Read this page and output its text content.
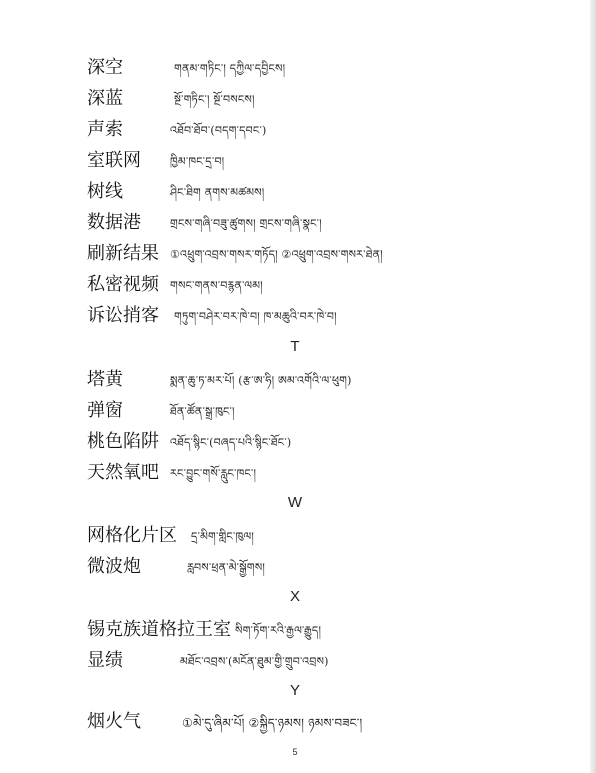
深空	གནམ་གཏིང་། དཀྱིལ་དབྱིངས།
深蓝	སྔོ་གཏིང་། སྔོ་བསངས།
声索	འཐོབ་ཐོབ་(བདག་དབང་)
室联网	ཁྱིམ་ཁང་དྲ་བ།
树线	ཤིང་ཐིག ནགས་མཚམས།
数据港	གྲངས་གཞི་བཟུ་ཚུགས། གྲངས་གཞི་སྣང་།
刷新结果 ①འཕྲུག་འབྲས་གསར་གཏོད། ②འཕྲུག་འབྲས་གསར་ཐེན།
私密视频 གསང་གནས་བརྙན་ལམ།
诉讼捎客 གཏུག་བཤེར་བར་ཁེ་བ། ཁ་མཆུའི་བར་ཁེ་བ།
T
塔黄	སྨན་ཆུ་ཏ་མར་པོ། (རྩ་ཨ་ཧི། ཨམ་འགོའི་ལ་ཕུག)
弹窗	ཐོན་ཚོན་སྒྲ་ཁུང་།
桃色陷阱 འཐོད་སྙིང་(བཞད་པའི་སྙིང་ཐོང་)
天然氧吧 རང་བྱུང་གསོ་རླུང་ཁང་།
W
网格化片区 དྲ་མིག་གླིང་ཁུལ།
微波炮	རླབས་ཕྲན་མེ་སྒྱོགས།
X
锡克族道格拉王室 སིག་ཏོག་རའི་རྒྱལ་རྒྱུད།
显绩	མཐོང་འབྲས་(མངོན་ཐུམ་གྱི་གྲུབ་འབྲས)
Y
烟火气	①མེ་དུ་ཞིམ་པོ། ②སྐྱིད་ཉམས། ཉམས་བཟང་།
5
